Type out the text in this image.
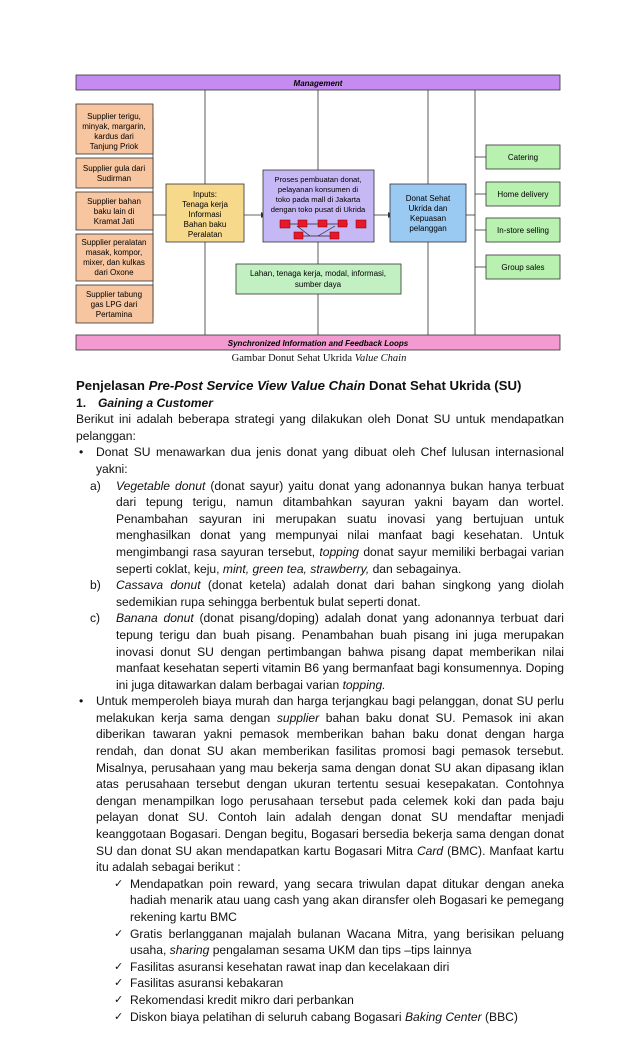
Management
Synchronized Information and Feedback Loops
Supplier terigu,
minyak, margarin,
kardus dari
Tanjung Priok
Supplier gula dari
Sudirman
Supplier bahan
baku lain di
Kramat Jati
Supplier peralatan
masak, kompor,
mixer, dan kulkas
dari Oxone
Supplier tabung
gas LPG dari
Pertamina
Inputs:
Tenaga kerja
Informasi
Bahan baku
Peralatan
Proses pembuatan donat,
pelayanan konsumen di
toko pada mall di Jakarta
dengan toko pusat di Ukrida
Lahan, tenaga kerja, modal, informasi,
sumber daya
Donat Sehat
Ukrida dan
Kepuasan
pelanggan
Catering
Home delivery
In-store selling
Group sales
Gambar Donut Sehat Ukrida Value Chain

Penjelasan Pre-Post Service View Value Chain Donat Sehat Ukrida (SU)

1. Gaining a Customer

Berikut ini adalah beberapa strategi yang dilakukan oleh Donat SU untuk mendapatkan pelanggan:

• Donat SU menawarkan dua jenis donat yang dibuat oleh Chef lulusan internasional yakni:

a) Vegetable donut (donat sayur) yaitu donat yang adonannya bukan hanya terbuat dari tepung terigu, namun ditambahkan sayuran yakni bayam dan wortel. Penambahan sayuran ini merupakan suatu inovasi yang bertujuan untuk menghasilkan donat yang mempunyai nilai manfaat bagi kesehatan. Untuk mengimbangi rasa sayuran tersebut, topping donat sayur memiliki berbagai varian seperti coklat, keju, mint, green tea, strawberry, dan sebagainya.

b) Cassava donut (donat ketela) adalah donat dari bahan singkong yang diolah sedemikian rupa sehingga berbentuk bulat seperti donat.

c) Banana donut (donat pisang/doping) adalah donat yang adonannya terbuat dari tepung terigu dan buah pisang. Penambahan buah pisang ini juga merupakan inovasi donut SU dengan pertimbangan bahwa pisang dapat memberikan nilai manfaat kesehatan seperti vitamin B6 yang bermanfaat bagi konsumennya. Doping ini juga ditawarkan dalam berbagai varian topping.

• Untuk memperoleh biaya murah dan harga terjangkau bagi pelanggan, donat SU perlu melakukan kerja sama dengan supplier bahan baku donat SU. Pemasok ini akan diberikan tawaran yakni pemasok memberikan bahan baku donat dengan harga rendah, dan donat SU akan memberikan fasilitas promosi bagi pemasok tersebut. Misalnya, perusahaan yang mau bekerja sama dengan donat SU akan dipasang iklan atas perusahaan tersebut dengan ukuran tertentu sesuai kesepakatan. Contohnya dengan menampilkan logo perusahaan tersebut pada celemek koki dan pada baju pelayan donat SU. Contoh lain adalah dengan donat SU mendaftar menjadi keanggotaan Bogasari. Dengan begitu, Bogasari bersedia bekerja sama dengan donat SU dan donat SU akan mendapatkan kartu Bogasari Mitra Card (BMC). Manfaat kartu itu adalah sebagai berikut :

✓ Mendapatkan poin reward, yang secara triwulan dapat ditukar dengan aneka hadiah menarik atau uang cash yang akan diransfer oleh Bogasari ke pemegang rekening kartu BMC

✓ Gratis berlangganan majalah bulanan Wacana Mitra, yang berisikan peluang usaha, sharing pengalaman sesama UKM dan tips –tips lainnya

✓ Fasilitas asuransi kesehatan rawat inap dan kecelakaan diri

✓ Fasilitas asuransi kebakaran

✓ Rekomendasi kredit mikro dari perbankan

✓ Diskon biaya pelatihan di seluruh cabang Bogasari Baking Center (BBC)
